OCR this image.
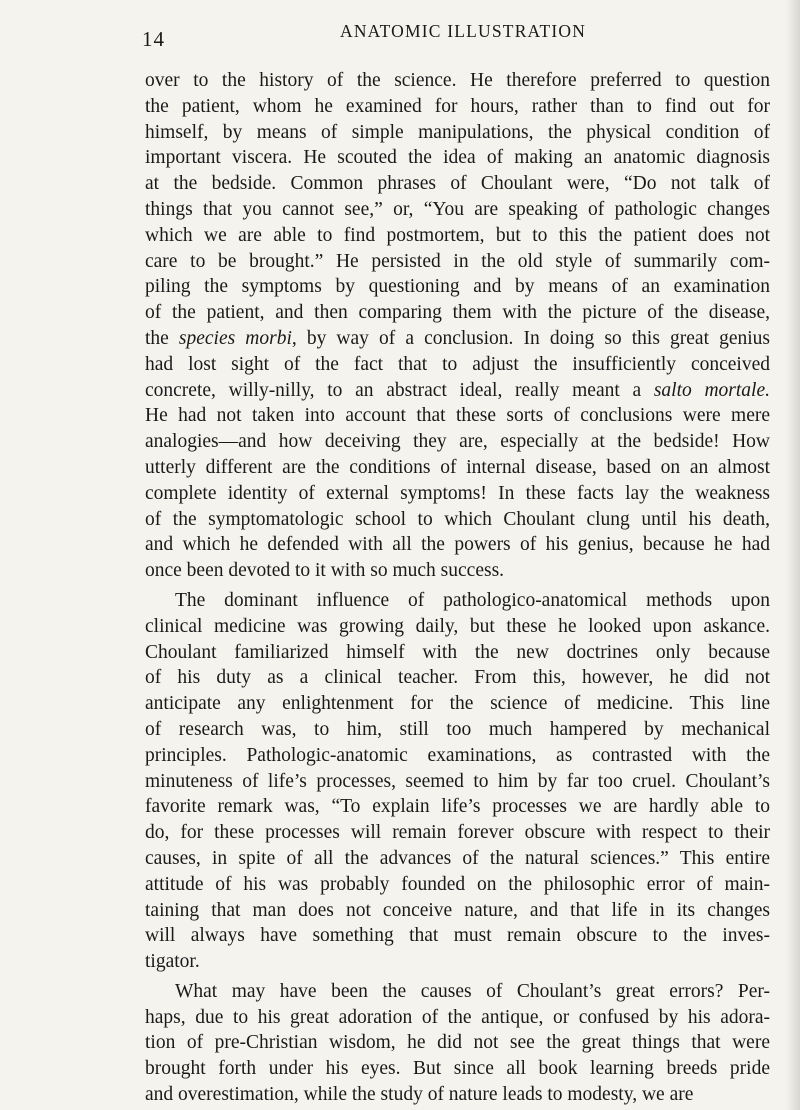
14	ANATOMIC ILLUSTRATION
over to the history of the science. He therefore preferred to question
the patient, whom he examined for hours, rather than to find out for
himself, by means of simple manipulations, the physical condition of
important viscera. He scouted the idea of making an anatomic diagnosis
at the bedside. Common phrases of Choulant were, “Do not talk of
things that you cannot see,” or, “You are speaking of pathologic changes
which we are able to find postmortem, but to this the patient does not
care to be brought.” He persisted in the old style of summarily com-
piling the symptoms by questioning and by means of an examination
of the patient, and then comparing them with the picture of the disease,
the species morbi, by way of a conclusion. In doing so this great genius
had lost sight of the fact that to adjust the insufficiently conceived
concrete, willy-nilly, to an abstract ideal, really meant a salto mortale.
He had not taken into account that these sorts of conclusions were mere
analogies—and how deceiving they are, especially at the bedside! How
utterly different are the conditions of internal disease, based on an almost
complete identity of external symptoms! In these facts lay the weakness
of the symptomatologic school to which Choulant clung until his death,
and which he defended with all the powers of his genius, because he had
once been devoted to it with so much success.
The dominant influence of pathologico-anatomical methods upon
clinical medicine was growing daily, but these he looked upon askance.
Choulant familiarized himself with the new doctrines only because
of his duty as a clinical teacher. From this, however, he did not
anticipate any enlightenment for the science of medicine. This line
of research was, to him, still too much hampered by mechanical
principles. Pathologic-anatomic examinations, as contrasted with the
minuteness of life’s processes, seemed to him by far too cruel. Choulant’s
favorite remark was, “To explain life’s processes we are hardly able to
do, for these processes will remain forever obscure with respect to their
causes, in spite of all the advances of the natural sciences.” This entire
attitude of his was probably founded on the philosophic error of main-
taining that man does not conceive nature, and that life in its changes
will always have something that must remain obscure to the inves-
tigator.
What may have been the causes of Choulant’s great errors? Per-
haps, due to his great adoration of the antique, or confused by his adora-
tion of pre-Christian wisdom, he did not see the great things that were
brought forth under his eyes. But since all book learning breeds pride
and overestimation, while the study of nature leads to modesty, we are
